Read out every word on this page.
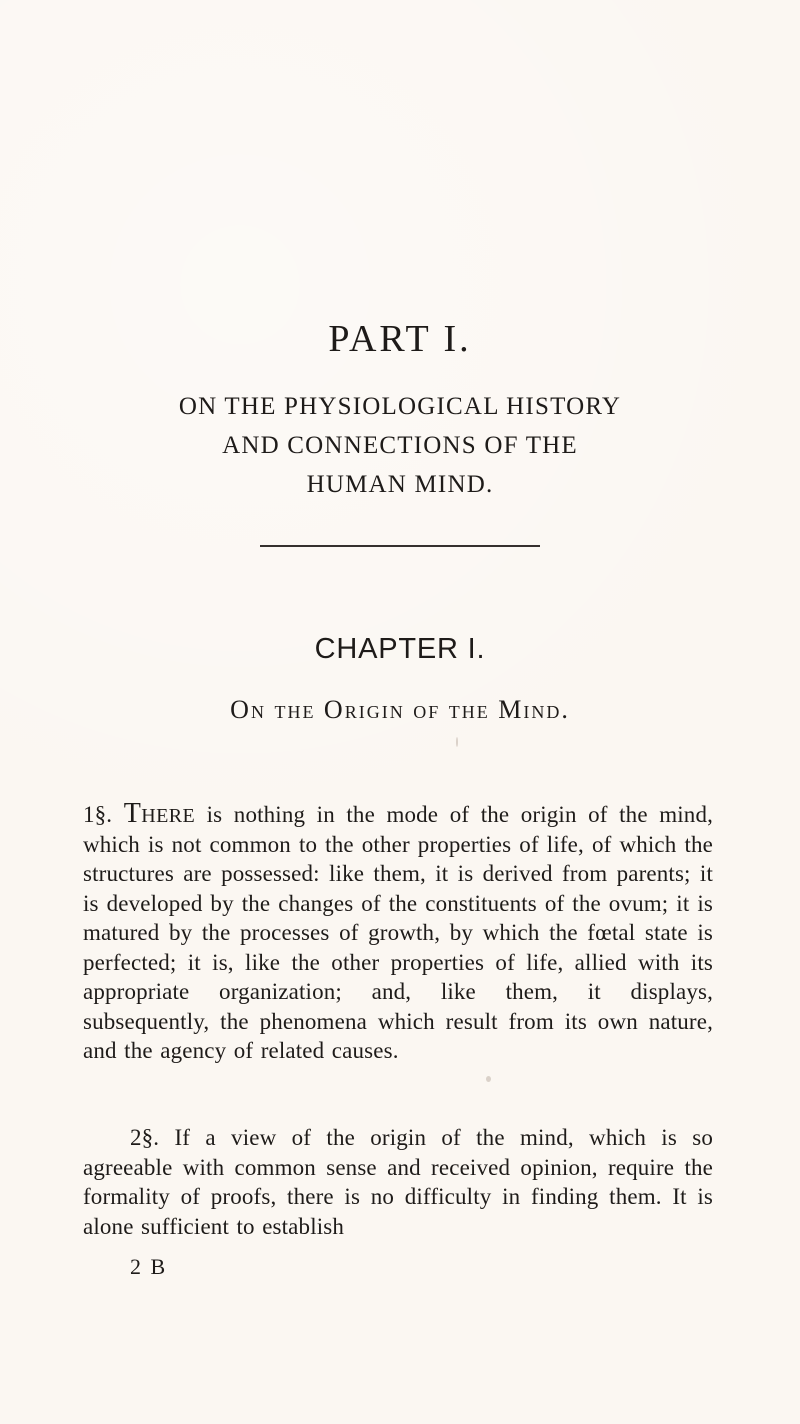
PART I.
ON THE PHYSIOLOGICAL HISTORY
AND CONNECTIONS OF THE
HUMAN MIND.
CHAPTER I.
On the Origin of the Mind.

1§. There is nothing in the mode of the origin of the mind, which is not common to the other properties of life, of which the structures are possessed: like them, it is derived from parents; it is developed by the changes of the constituents of the ovum; it is matured by the processes of growth, by which the fœtal state is perfected; it is, like the other properties of life, allied with its appropriate organization; and, like them, it displays, subsequently, the phenomena which result from its own nature, and the agency of related causes.

2§. If a view of the origin of the mind, which is so agreeable with common sense and received opinion, require the formality of proofs, there is no difficulty in finding them. It is alone sufficient to establish

2 B
